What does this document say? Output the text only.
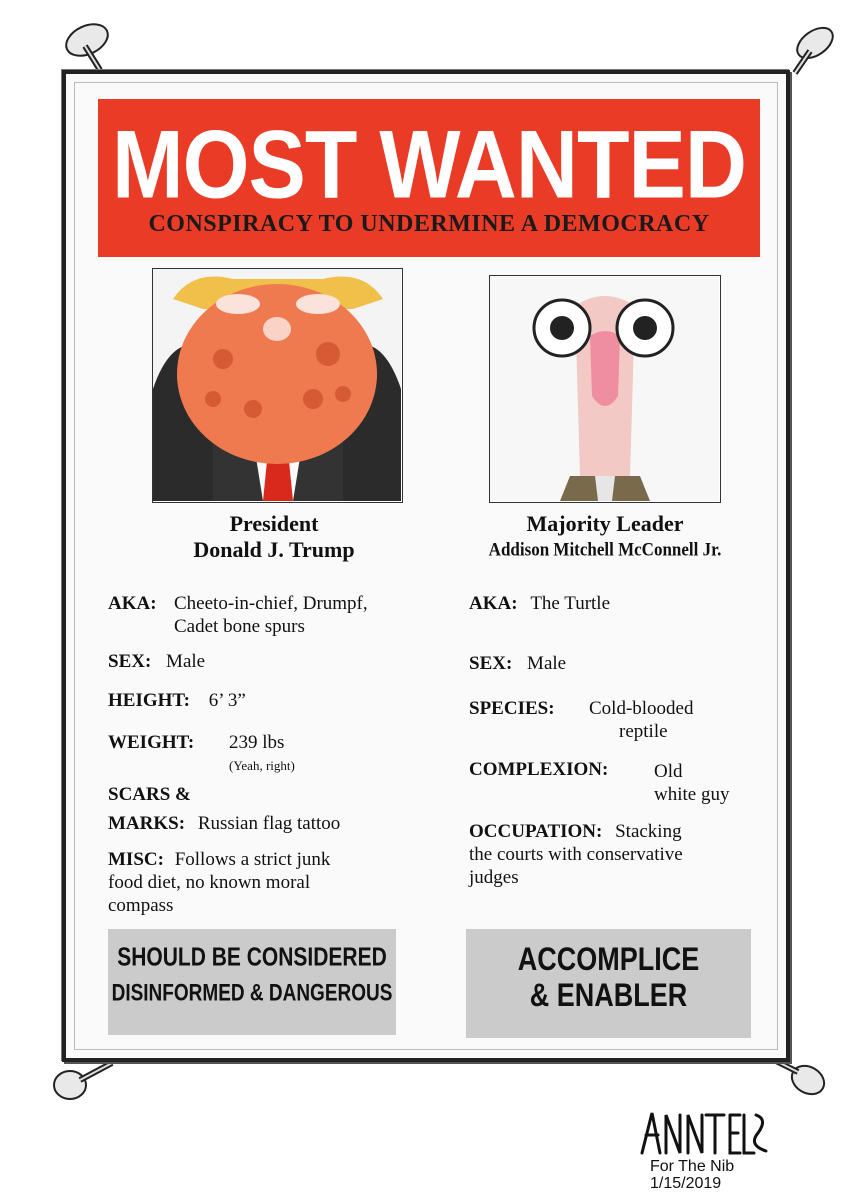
MOST WANTED
CONSPIRACY TO UNDERMINE A DEMOCRACY
President
Donald J. Trump
Majority Leader
Addison Mitchell McConnell Jr.
AKA: Cheeto-in-chief, Drumpf,
Cadet bone spurs
SEX: Male
HEIGHT: 6’ 3”
WEIGHT: 239 lbs
(Yeah, right)
SCARS &
MARKS: Russian flag tattoo
MISC: Follows a strict junk
food diet, no known moral
compass
AKA: The Turtle
SEX: Male
SPECIES: Cold-blooded
reptile
COMPLEXION: Old
white guy
OCCUPATION: Stacking
the courts with conservative
judges
SHOULD BE CONSIDERED
DISINFORMED & DANGEROUS
ACCOMPLICE
& ENABLER
For The Nib
1/15/2019
